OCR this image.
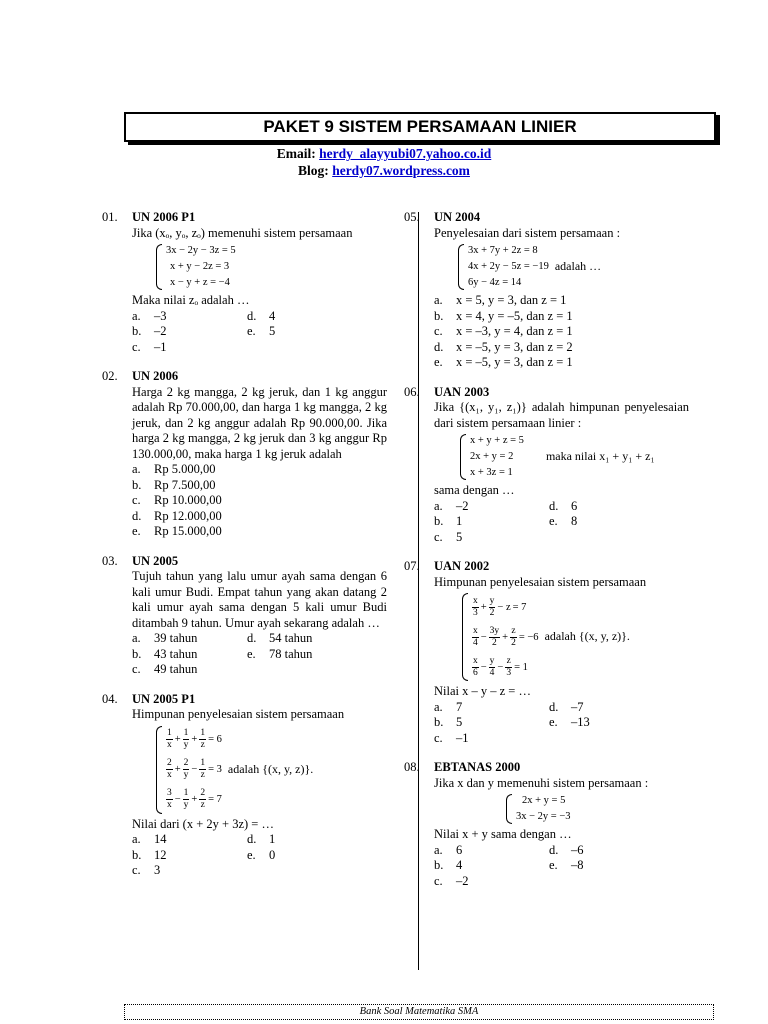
PAKET 9 SISTEM PERSAMAAN LINIER
Email: herdy_alayyubi07.yahoo.co.id
Blog: herdy07.wordpress.com
01. UN 2006 P1
Jika (xₒ, yₒ, zₒ) memenuhi sistem persamaan
3x − 2y − 3z = 5
x + y − 2z = 3
x − y + z = −4
Maka nilai zₒ adalah …
a.	–3	d.	4
b.	–2	e.	5
c.	–1
02. UN 2006
Harga 2 kg mangga, 2 kg jeruk, dan 1 kg anggur adalah Rp 70.000,00, dan harga 1 kg mangga, 2 kg jeruk, dan 2 kg anggur adalah Rp 90.000,00. Jika harga 2 kg mangga, 2 kg jeruk dan 3 kg anggur Rp 130.000,00, maka harga 1 kg jeruk adalah
a.	Rp 5.000,00
b.	Rp 7.500,00
c.	Rp 10.000,00
d.	Rp 12.000,00
e.	Rp 15.000,00
03. UN 2005
Tujuh tahun yang lalu umur ayah sama dengan 6 kali umur Budi. Empat tahun yang akan datang 2 kali umur ayah sama dengan 5 kali umur Budi ditambah 9 tahun. Umur ayah sekarang adalah …
a.	39 tahun	d.	54 tahun
b.	43 tahun	e.	78 tahun
c.	49 tahun
04. UN 2005 P1
Himpunan penyelesaian sistem persamaan
1
$x + \frac{1}{y} + \frac{1}{z} = 6$
2
$x + \frac{2}{y} - \frac{1}{z} = 3$
3
$x - \frac{1}{y} + \frac{2}{z} = 7$
adalah {(x, y, z)}.
Nilai dari (x + 2y + 3z) = …
a.	14	d.	1
b.	12	e.	0
c.	3
05. UN 2004
Penyelesaian dari sistem persamaan :
3x + 7y + 2z = 8
4x + 2y − 5z = −19
6y − 4z = 14
adalah …
a.	x = 5, y = 3, dan z = 1
b.	x = 4, y = –5, dan z = 1
c.	x = –3, y = 4, dan z = 1
d.	x = –5, y = 3, dan z = 2
e.	x = –5, y = 3, dan z = 1
06. UAN 2003
Jika {(x₁, y₁, z₁)} adalah himpunan penyelesaian dari sistem persamaan linier :
x + y + z = 5
2x + y = 2
x + 3z = 1
maka nilai x₁ + y₁ + z₁
sama dengan …
a.	–2	d.	6
b.	1	e.	8
c.	5
07. UAN 2002
Himpunan penyelesaian sistem persamaan
x
$3 + \frac{y}{2} - z = 7$
x
$4 - \frac{3y}{2} + \frac{z}{2} = -6$
x
$6 - \frac{y}{4} - \frac{z}{3} = 1$
adalah {(x, y, z)}.
Nilai x – y – z = …
a.	7	d.	–7
b.	5	e.	–13
c.	–1
08. EBTANAS 2000
Jika x dan y memenuhi sistem persamaan :
2x + y = 5
3x − 2y = −3
Nilai x + y sama dengan …
a.	6	d.	–6
b.	4	e.	–8
c.	–2
Bank Soal Matematika SMA
